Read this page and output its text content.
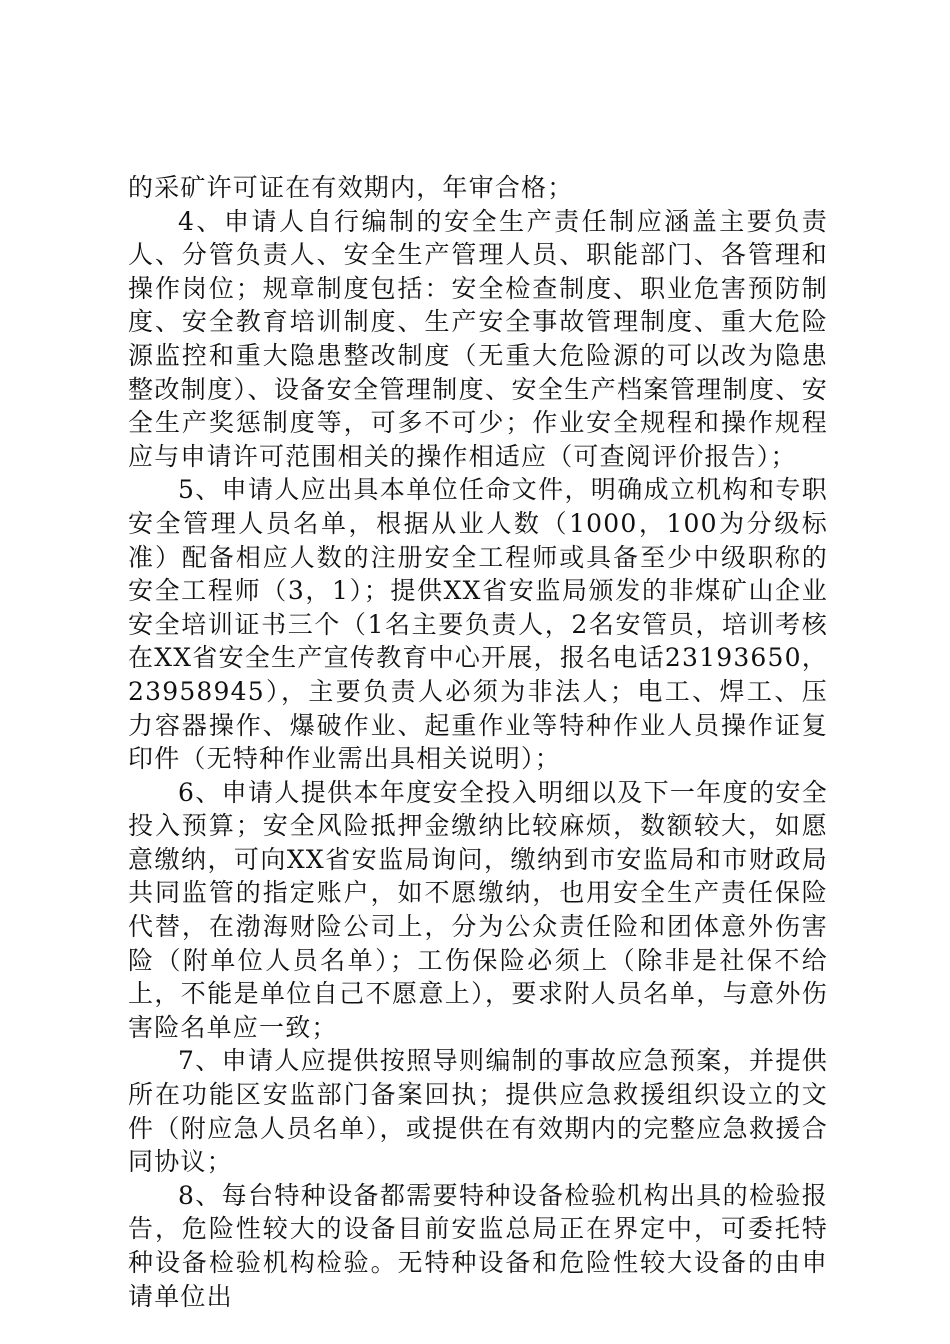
的采矿许可证在有效期内，年审合格；

4、申请人自行编制的安全生产责任制应涵盖主要负责人、分管负责人、安全生产管理人员、职能部门、各管理和操作岗位；规章制度包括：安全检查制度、职业危害预防制度、安全教育培训制度、生产安全事故管理制度、重大危险源监控和重大隐患整改制度（无重大危险源的可以改为隐患整改制度）、设备安全管理制度、安全生产档案管理制度、安全生产奖惩制度等，可多不可少；作业安全规程和操作规程应与申请许可范围相关的操作相适应（可查阅评价报告）；

5、申请人应出具本单位任命文件，明确成立机构和专职安全管理人员名单，根据从业人数（1000，100为分级标准）配备相应人数的注册安全工程师或具备至少中级职称的安全工程师（3，1）；提供XX省安监局颁发的非煤矿山企业安全培训证书三个（1名主要负责人，2名安管员，培训考核在XX省安全生产宣传教育中心开展，报名电话23193650，23958945），主要负责人必须为非法人；电工、焊工、压力容器操作、爆破作业、起重作业等特种作业人员操作证复印件（无特种作业需出具相关说明）；

6、申请人提供本年度安全投入明细以及下一年度的安全投入预算；安全风险抵押金缴纳比较麻烦，数额较大，如愿意缴纳，可向XX省安监局询问，缴纳到市安监局和市财政局共同监管的指定账户，如不愿缴纳，也用安全生产责任保险代替，在渤海财险公司上，分为公众责任险和团体意外伤害险（附单位人员名单）；工伤保险必须上（除非是社保不给上，不能是单位自己不愿意上），要求附人员名单，与意外伤害险名单应一致；

7、申请人应提供按照导则编制的事故应急预案，并提供所在功能区安监部门备案回执；提供应急救援组织设立的文件（附应急人员名单），或提供在有效期内的完整应急救援合同协议；

8、每台特种设备都需要特种设备检验机构出具的检验报告，危险性较大的设备目前安监总局正在界定中，可委托特种设备检验机构检验。无特种设备和危险性较大设备的由申请单位出
